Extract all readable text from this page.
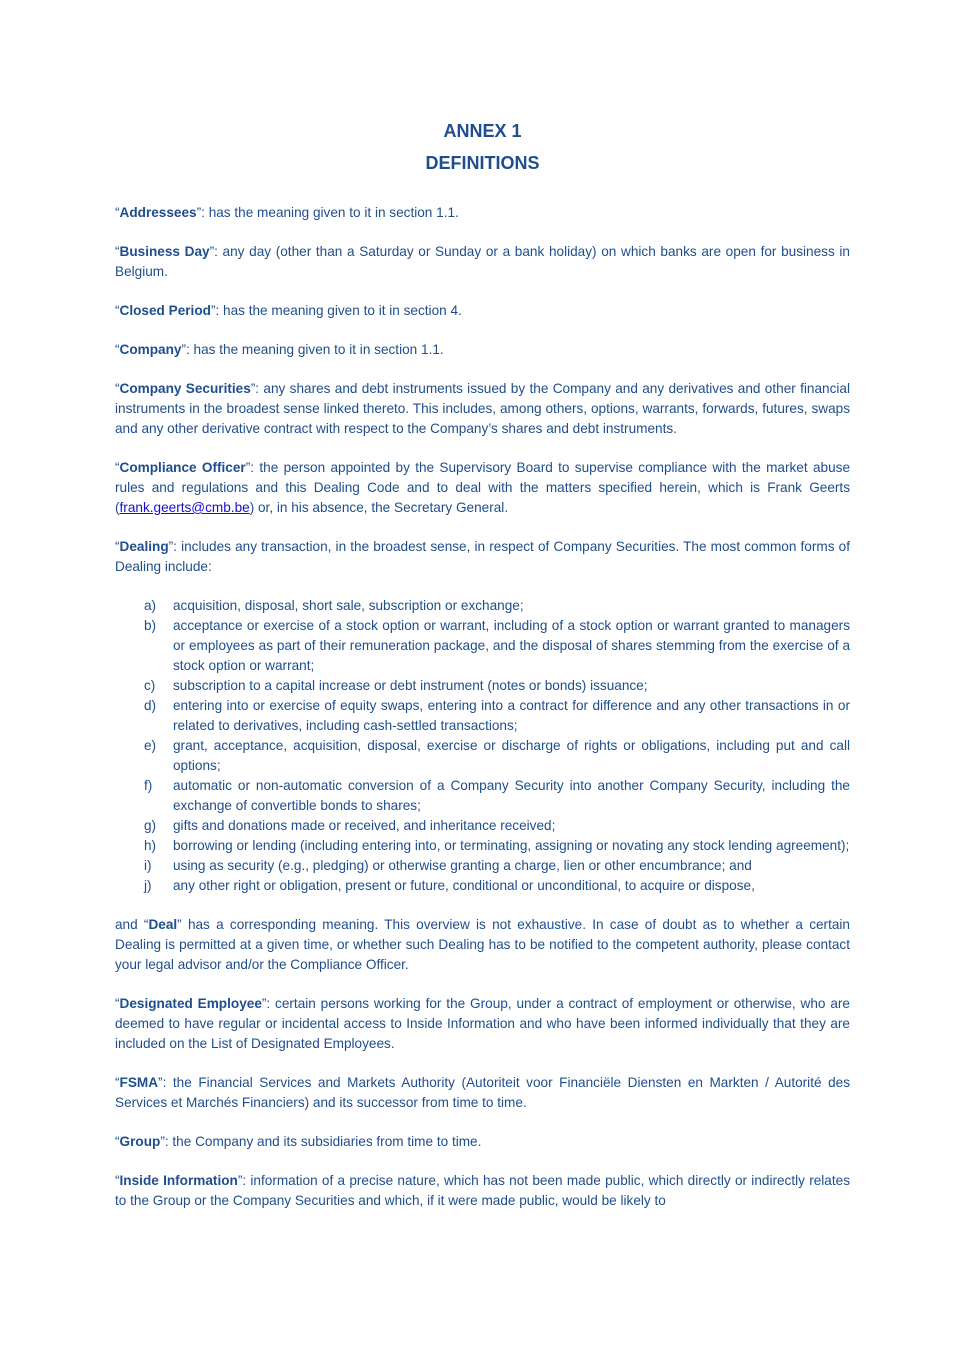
ANNEX 1

DEFINITIONS

“Addressees”: has the meaning given to it in section 1.1.

“Business Day”: any day (other than a Saturday or Sunday or a bank holiday) on which banks are open for business in Belgium.

“Closed Period”: has the meaning given to it in section 4.

“Company”: has the meaning given to it in section 1.1.

“Company Securities”: any shares and debt instruments issued by the Company and any derivatives and other financial instruments in the broadest sense linked thereto. This includes, among others, options, warrants, forwards, futures, swaps and any other derivative contract with respect to the Company’s shares and debt instruments.

“Compliance Officer”: the person appointed by the Supervisory Board to supervise compliance with the market abuse rules and regulations and this Dealing Code and to deal with the matters specified herein, which is Frank Geerts (frank.geerts@cmb.be) or, in his absence, the Secretary General.

“Dealing”: includes any transaction, in the broadest sense, in respect of Company Securities. The most common forms of Dealing include:

a) acquisition, disposal, short sale, subscription or exchange;
b) acceptance or exercise of a stock option or warrant, including of a stock option or warrant granted to managers or employees as part of their remuneration package, and the disposal of shares stemming from the exercise of a stock option or warrant;
c) subscription to a capital increase or debt instrument (notes or bonds) issuance;
d) entering into or exercise of equity swaps, entering into a contract for difference and any other transactions in or related to derivatives, including cash-settled transactions;
e) grant, acceptance, acquisition, disposal, exercise or discharge of rights or obligations, including put and call options;
f) automatic or non-automatic conversion of a Company Security into another Company Security, including the exchange of convertible bonds to shares;
g) gifts and donations made or received, and inheritance received;
h) borrowing or lending (including entering into, or terminating, assigning or novating any stock lending agreement);
i) using as security (e.g., pledging) or otherwise granting a charge, lien or other encumbrance; and
j) any other right or obligation, present or future, conditional or unconditional, to acquire or dispose,

and “Deal” has a corresponding meaning. This overview is not exhaustive. In case of doubt as to whether a certain Dealing is permitted at a given time, or whether such Dealing has to be notified to the competent authority, please contact your legal advisor and/or the Compliance Officer.

“Designated Employee”: certain persons working for the Group, under a contract of employment or otherwise, who are deemed to have regular or incidental access to Inside Information and who have been informed individually that they are included on the List of Designated Employees.

“FSMA”: the Financial Services and Markets Authority (Autoriteit voor Financiële Diensten en Markten / Autorité des Services et Marchés Financiers) and its successor from time to time.

“Group”: the Company and its subsidiaries from time to time.

“Inside Information”: information of a precise nature, which has not been made public, which directly or indirectly relates to the Group or the Company Securities and which, if it were made public, would be likely to
